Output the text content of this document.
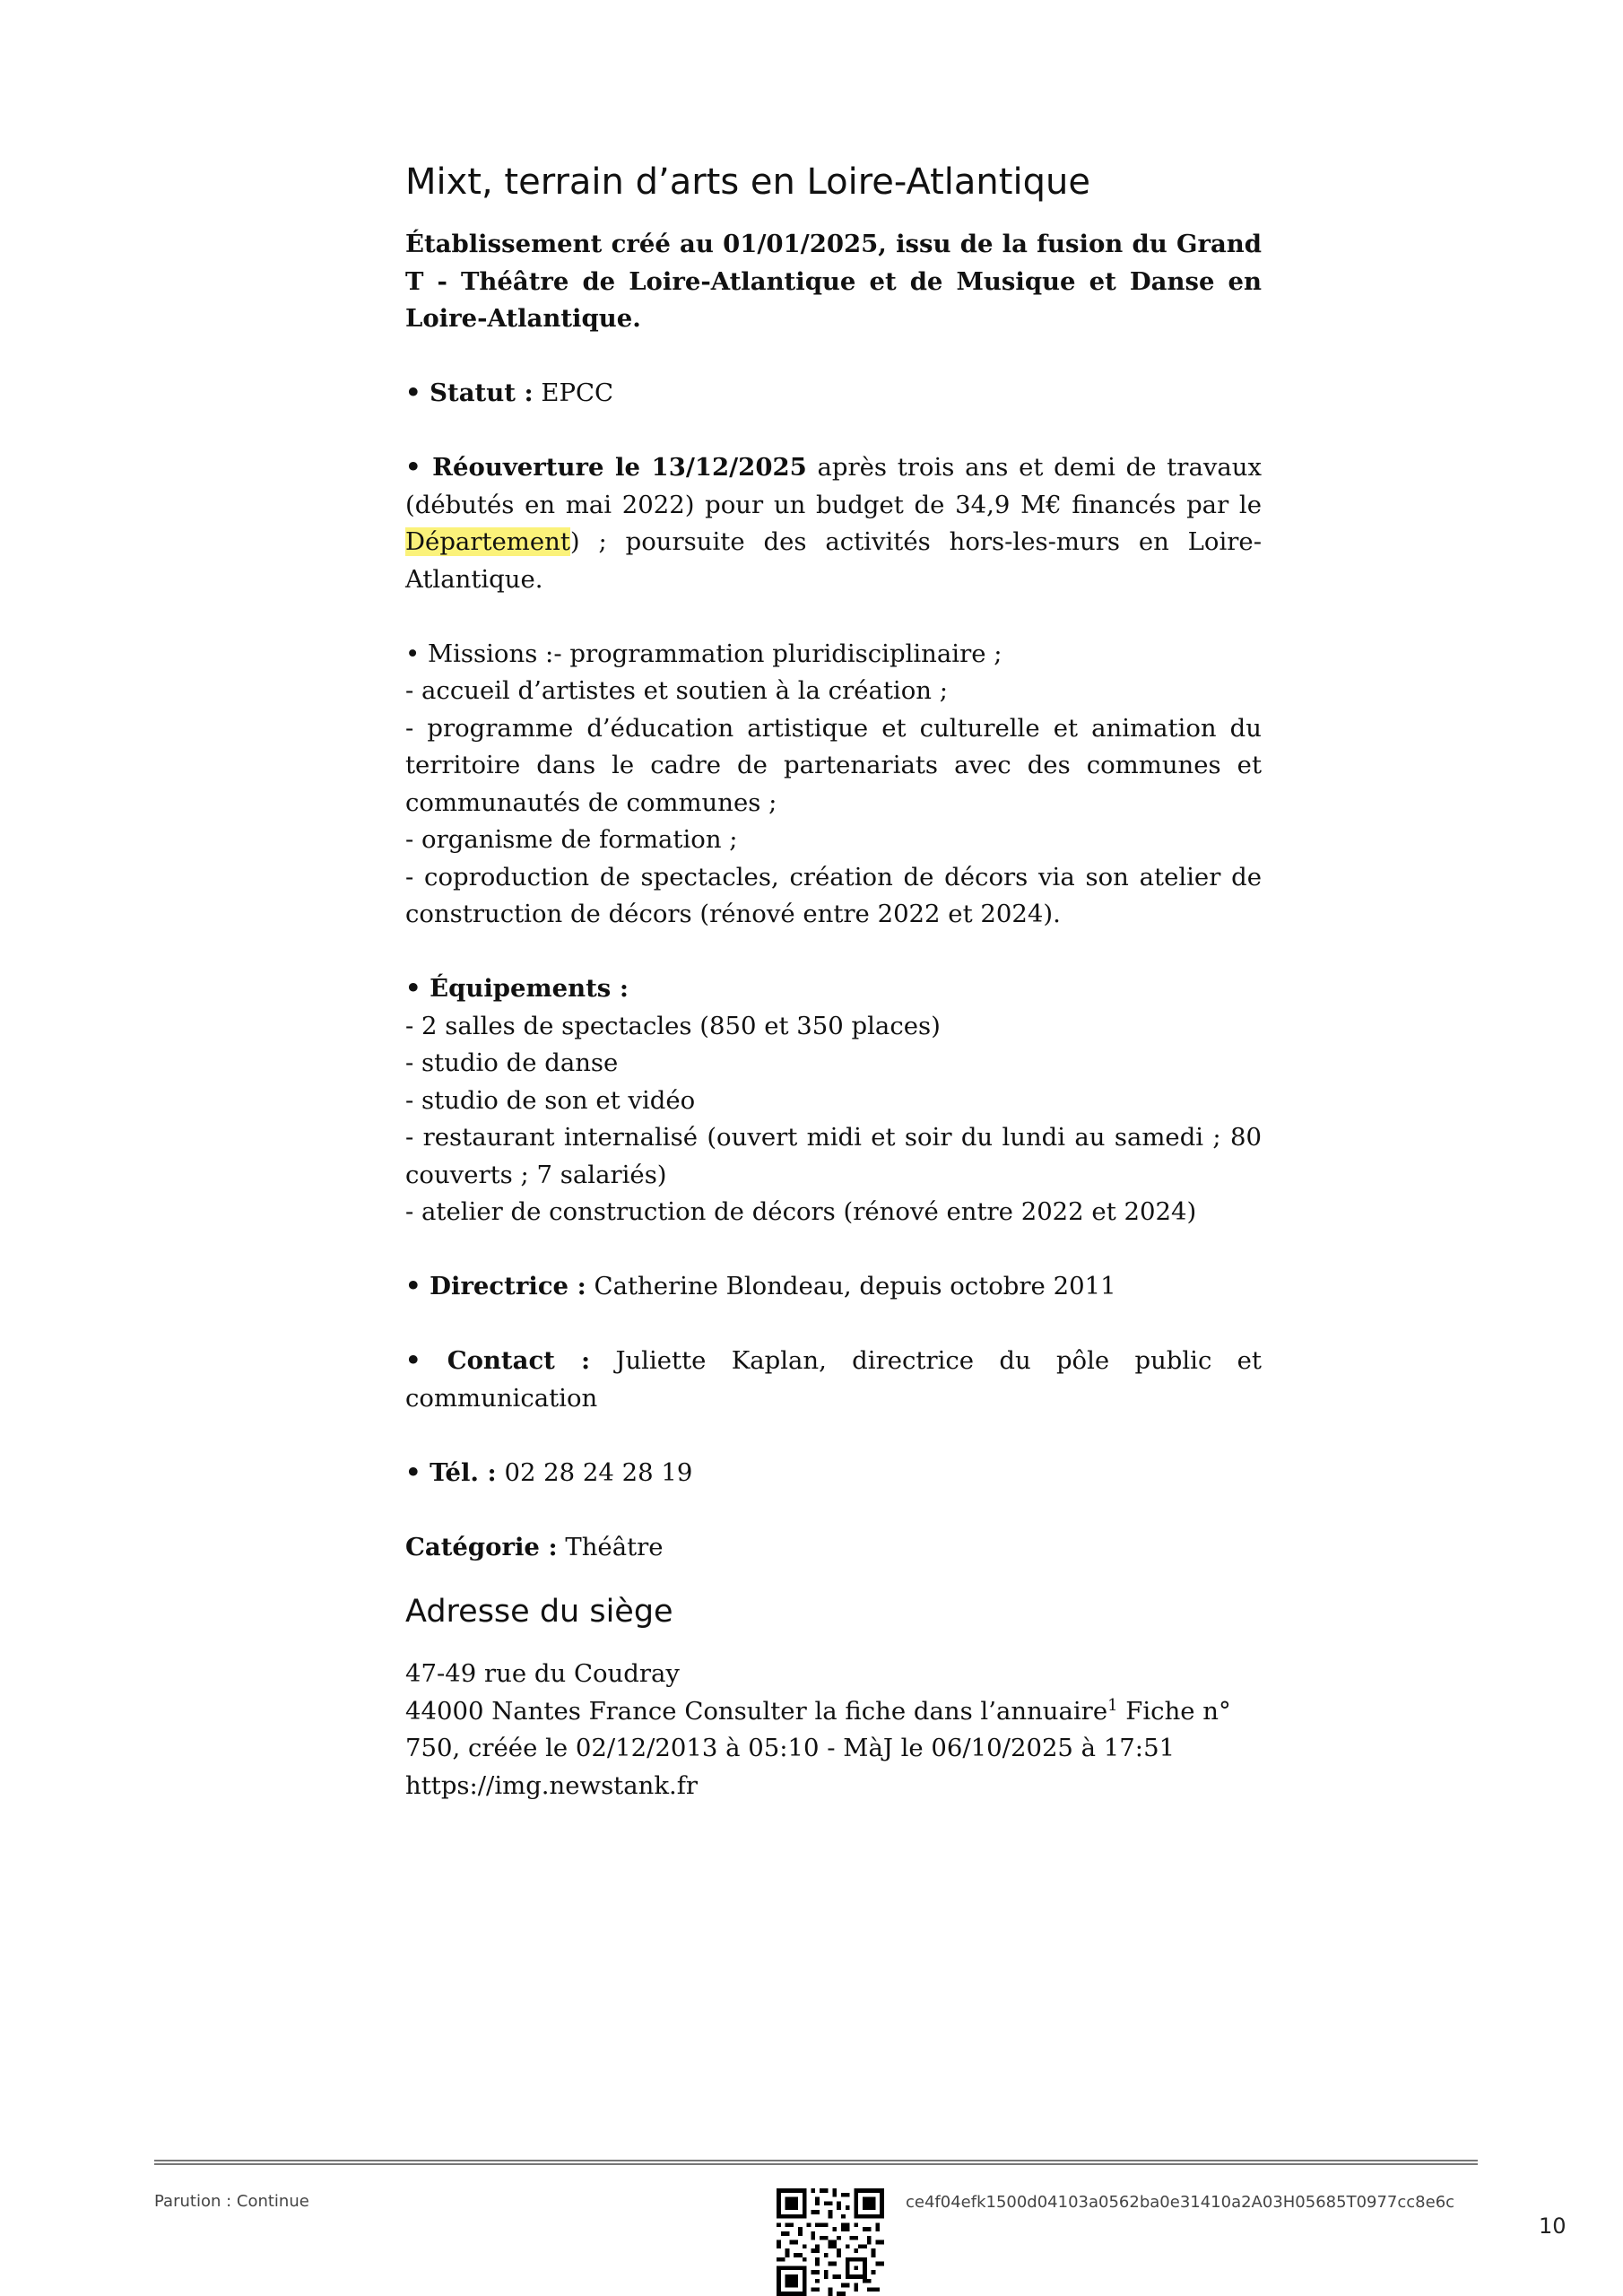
Mixt, terrain d’arts en Loire-Atlantique

Établissement créé au 01/01/2025, issu de la fusion du Grand T - Théâtre de Loire-Atlantique et de Musique et Danse en Loire-Atlantique.

• Statut : EPCC

• Réouverture le 13/12/2025 après trois ans et demi de travaux (débutés en mai 2022) pour un budget de 34,9 M€ financés par le Département) ; poursuite des activités hors-les-murs en Loire-Atlantique.

• Missions :- programmation pluridisciplinaire ;
- accueil d’artistes et soutien à la création ;
- programme d’éducation artistique et culturelle et animation du territoire dans le cadre de partenariats avec des communes et communautés de communes ;
- organisme de formation ;
- coproduction de spectacles, création de décors via son atelier de construction de décors (rénové entre 2022 et 2024).

• Équipements :
- 2 salles de spectacles (850 et 350 places)
- studio de danse
- studio de son et vidéo
- restaurant internalisé (ouvert midi et soir du lundi au samedi ; 80 couverts ; 7 salariés)
- atelier de construction de décors (rénové entre 2022 et 2024)

• Directrice : Catherine Blondeau, depuis octobre 2011

• Contact : Juliette Kaplan, directrice du pôle public et communication

• Tél. : 02 28 24 28 19

Catégorie : Théâtre

Adresse du siège
47-49 rue du Coudray
44000 Nantes France Consulter la fiche dans l’annuaire$^1$ Fiche n° 750, créée le 02/12/2013 à 05:10 - MàJ le 06/10/2025 à 17:51
https://img.newstank.fr
Parution : Continue	ce4f04efk1500d04103a0562ba0e31410a2A03H05685T0977cc8e6c
10
